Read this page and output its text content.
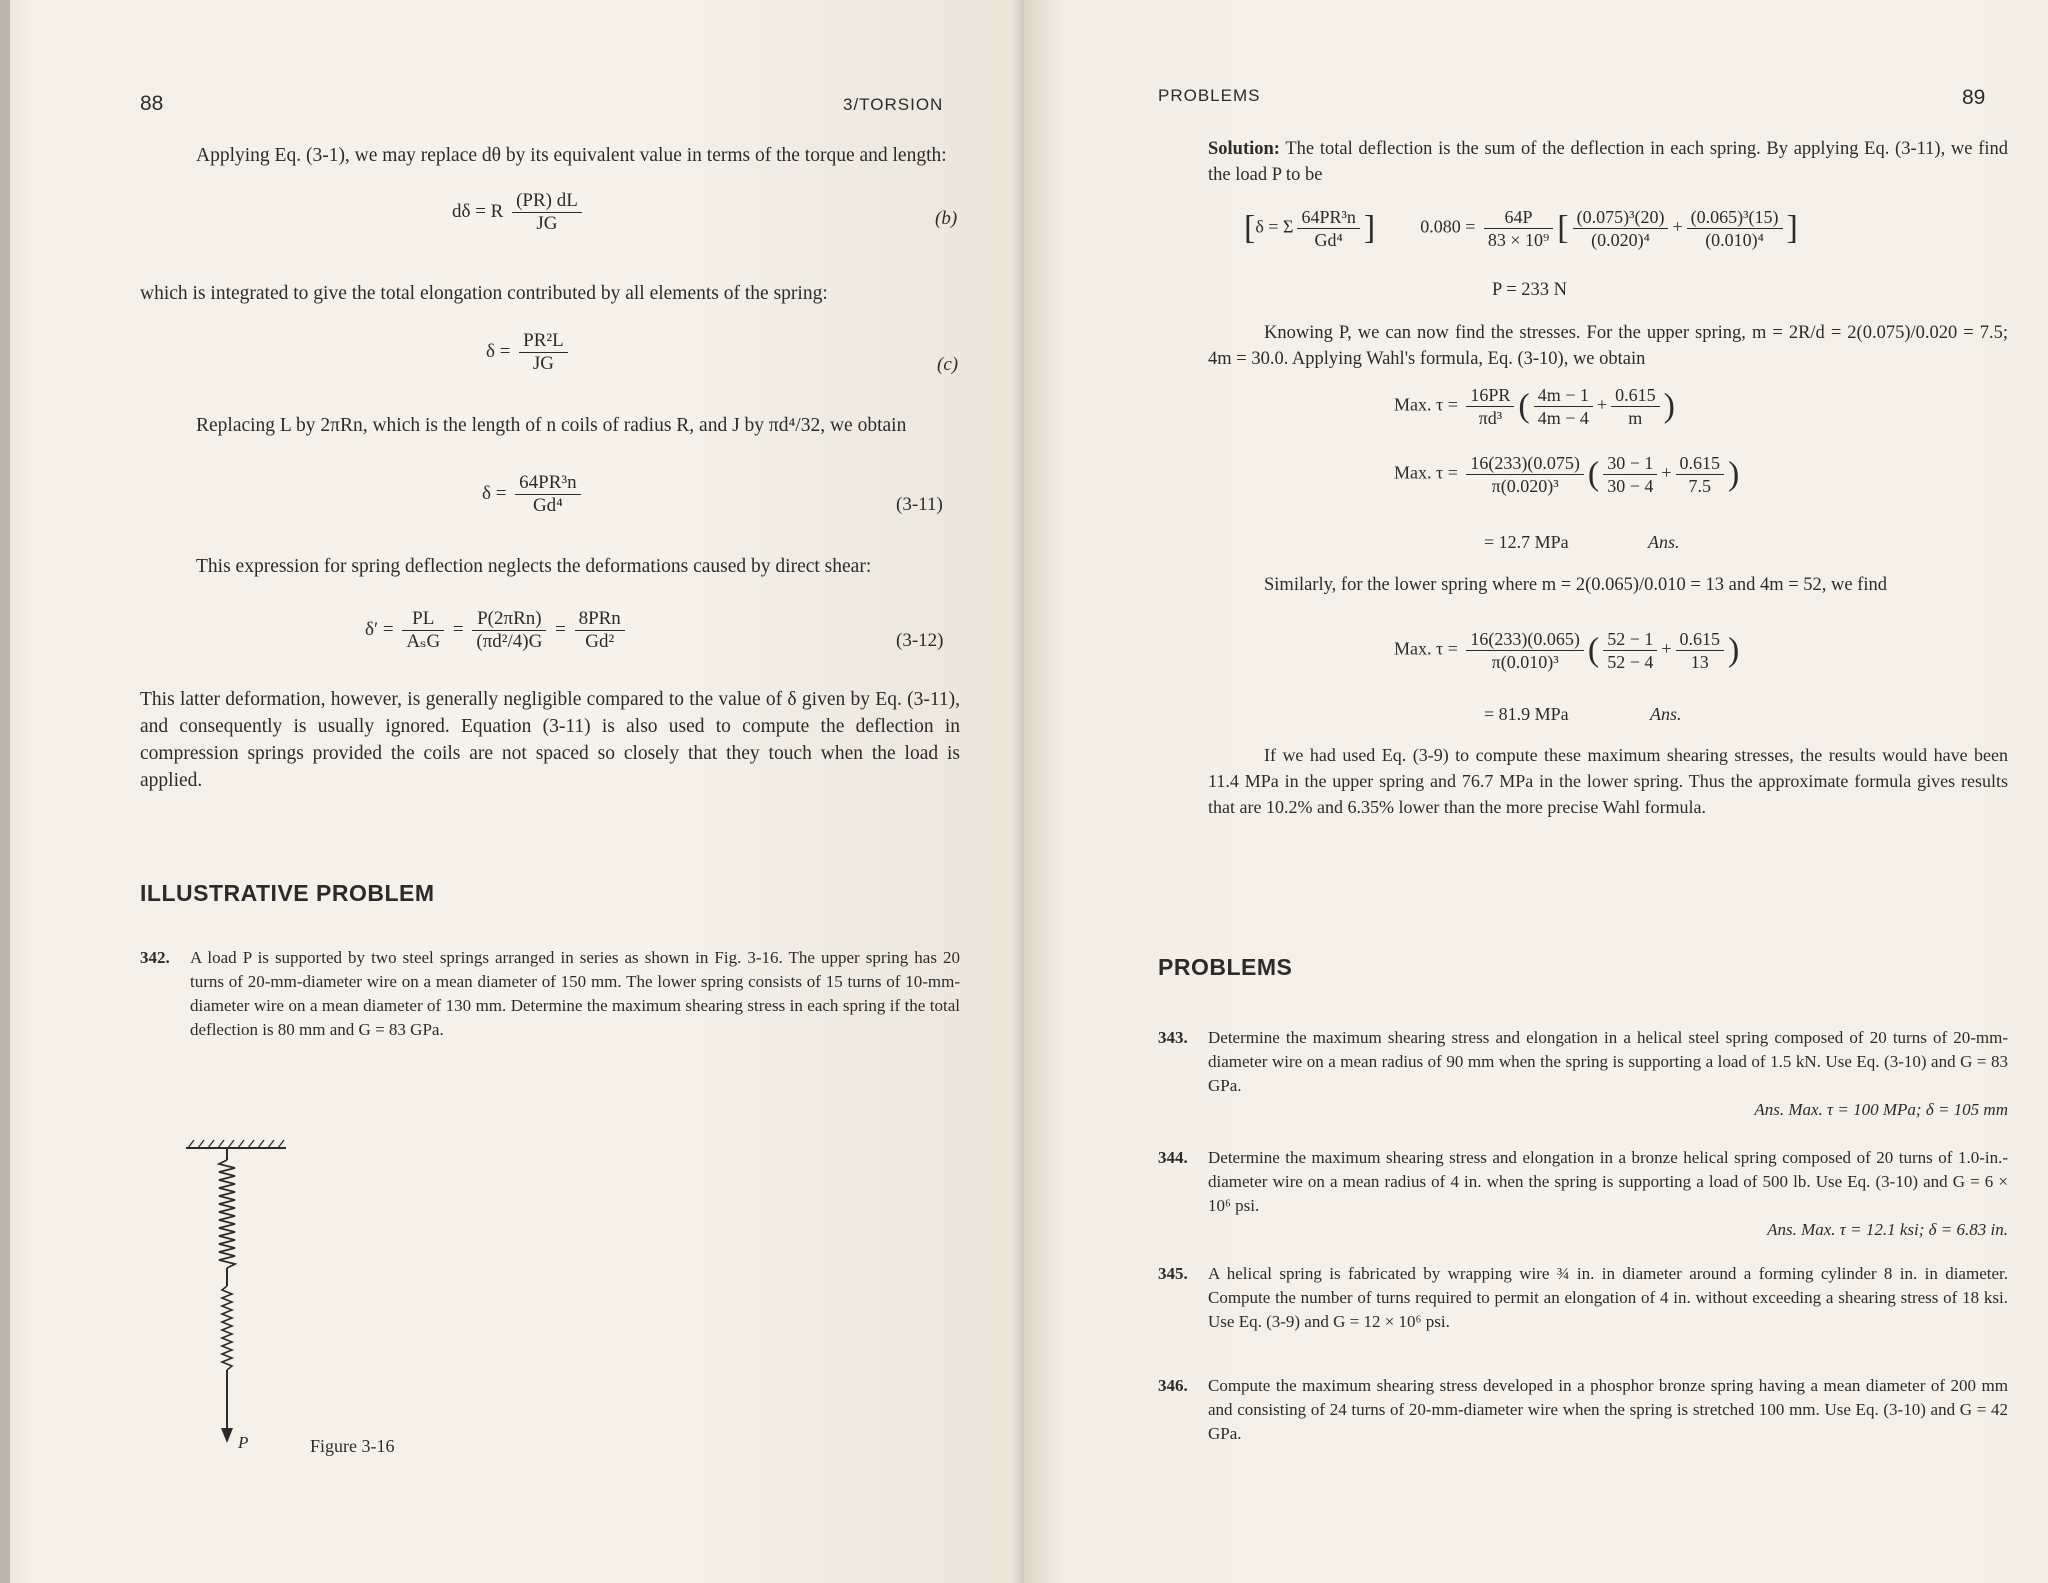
88	3/TORSION

Applying Eq. (3-1), we may replace dθ by its equivalent value in terms of the torque and length:

dδ = R $\frac{(PR) dL}{JG}$	(b)

which is integrated to give the total elongation contributed by all elements of the spring:

$\delta = \frac{\text{PR²L}}{JG}$	(c)

Replacing L by 2πRn, which is the length of n coils of radius R, and J by πd⁴/32, we obtain

$\delta = \frac{\text{64PR³n}}{\text{Gd⁴}}$	(3-11)

This expression for spring deflection neglects the deformations caused by direct shear:

$\delta' = \frac{PL}{\text{AₛG}} = \frac{\text{P(2πRn)}}{\text{(πd²/4)G}} = \frac{\text{8PRn}}{\text{Gd²}}$	(3-12)

This latter deformation, however, is generally negligible compared to the value of δ given by Eq. (3-11), and consequently is usually ignored. Equation (3-11) is also used to compute the deflection in compression springs provided the coils are not spaced so closely that they touch when the load is applied.

ILLUSTRATIVE PROBLEM
342. A load P is supported by two steel springs arranged in series as shown in Fig. 3-16. The upper spring has 20 turns of 20-mm-diameter wire on a mean diameter of 150 mm. The lower spring consists of 15 turns of 10-mm-diameter wire on a mean diameter of 130 mm. Determine the maximum shearing stress in each spring if the total deflection is 80 mm and G = 83 GPa.
P	Figure 3-16
PROBLEMS	89

Solution: The total deflection is the sum of the deflection in each spring. By applying Eq. (3-11), we find the load P to be

[δ = Σ $\frac{\text{64PR³n}}{\text{Gd⁴}}$ ]	$0.080 = \frac{64P}{\text{83 × 10⁹}}$ [ $\frac{\text{(0.075)³(20)}}{\text{(0.020)⁴}} + \frac{\text{(0.065)³(15)}}{\text{(0.010)⁴}}$ ]
P = 233 N

Knowing P, we can now find the stresses. For the upper spring, m = 2R/d = 2(0.075)/0.020 = 7.5; 4m = 30.0. Applying Wahl's formula, Eq. (3-10), we obtain

Max. $\tau = \frac{16PR}{\text{πd³}}$ ( $\frac{4m - 1}{4m - 4} + \frac{0.615}{m}$ )
Max. $\tau = \frac{16(233)(0.075)}{\text{π(0.020)³}}$ ( $\frac{30 - 1}{30 - 4} + \frac{0.615}{7.5}$ )
= 12.7 MPa	Ans.

Similarly, for the lower spring where m = 2(0.065)/0.010 = 13 and 4m = 52, we find

Max. $\tau = \frac{16(233)(0.065)}{\text{π(0.010)³}}$ ( $\frac{52 - 1}{52 - 4} + \frac{0.615}{13}$ )
= 81.9 MPa	Ans.

If we had used Eq. (3-9) to compute these maximum shearing stresses, the results would have been 11.4 MPa in the upper spring and 76.7 MPa in the lower spring. Thus the approximate formula gives results that are 10.2% and 6.35% lower than the more precise Wahl formula.

PROBLEMS
343. Determine the maximum shearing stress and elongation in a helical steel spring composed of 20 turns of 20-mm-diameter wire on a mean radius of 90 mm when the spring is supporting a load of 1.5 kN. Use Eq. (3-10) and G = 83 GPa.
Ans. Max. τ = 100 MPa; δ = 105 mm
344. Determine the maximum shearing stress and elongation in a bronze helical spring composed of 20 turns of 1.0-in.-diameter wire on a mean radius of 4 in. when the spring is supporting a load of 500 lb. Use Eq. (3-10) and G = 6 × 10⁶ psi.
Ans. Max. τ = 12.1 ksi; δ = 6.83 in.
345. A helical spring is fabricated by wrapping wire ¾ in. in diameter around a forming cylinder 8 in. in diameter. Compute the number of turns required to permit an elongation of 4 in. without exceeding a shearing stress of 18 ksi. Use Eq. (3-9) and G = 12 × 10⁶ psi.
346. Compute the maximum shearing stress developed in a phosphor bronze spring having a mean diameter of 200 mm and consisting of 24 turns of 20-mm-diameter wire when the spring is stretched 100 mm. Use Eq. (3-10) and G = 42 GPa.
